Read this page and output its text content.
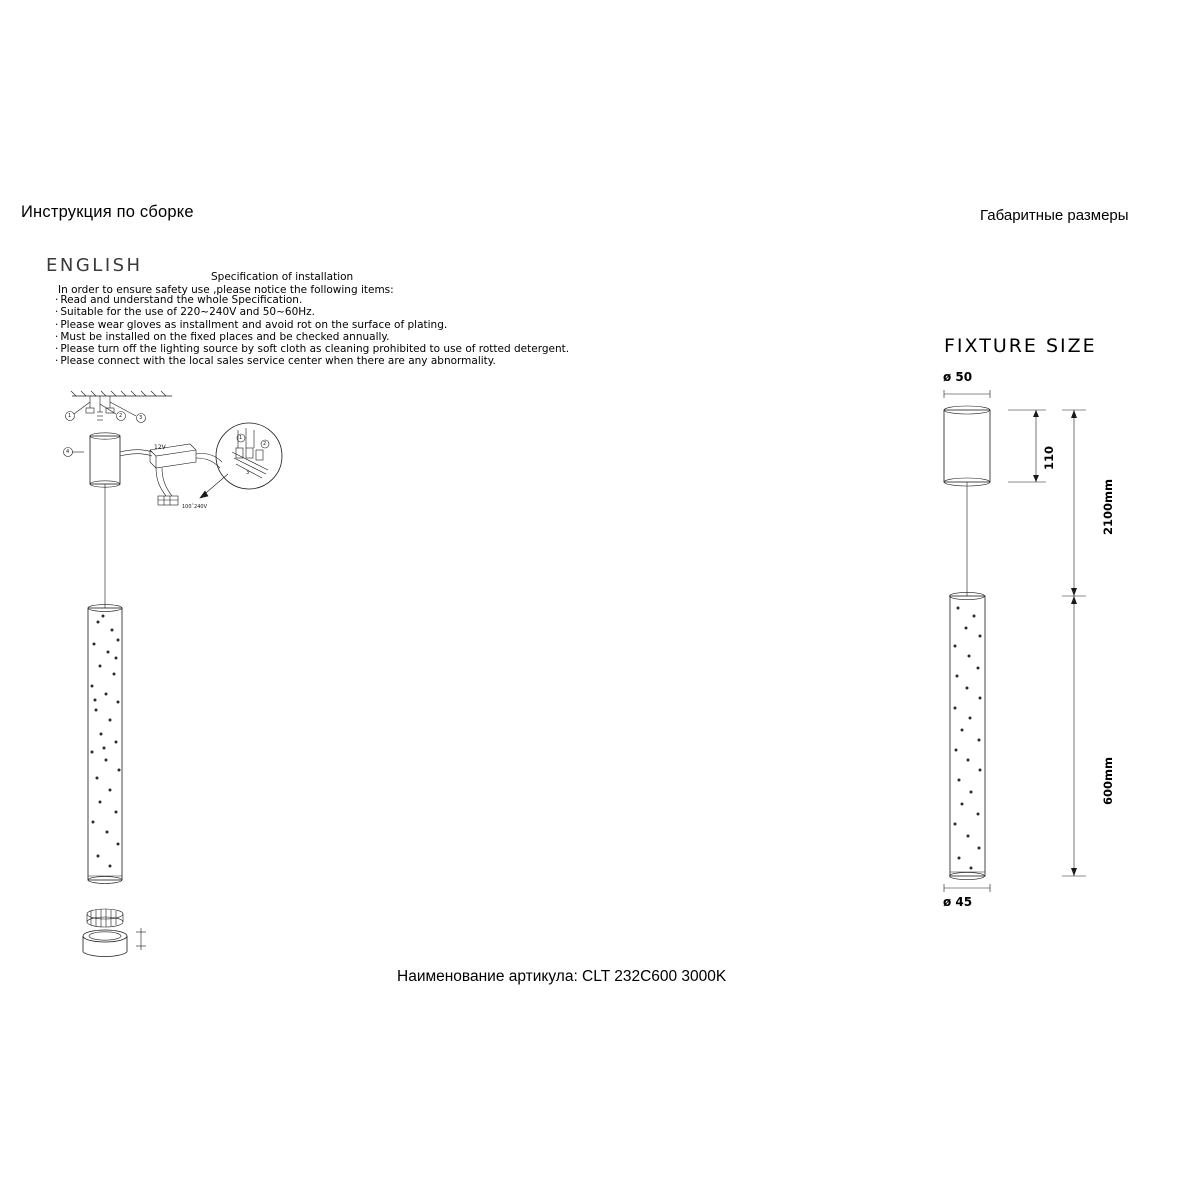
Инструкция по сборке	Габаритные размеры
ENGLISH
Specification of installation
In order to ensure safety use ,please notice the following items:
· Read and understand the whole Specification.
· Suitable for the use of 220~240V and 50~60Hz.
· Please wear gloves as installment and avoid rot on the surface of plating.
· Must be installed on the fixed places and be checked annually.
· Please turn off the lighting source by soft cloth as cleaning prohibited to use of rotted detergent.
· Please connect with the local sales service center when there are any abnormality.
1	2	3
4
1
2
3
12V
100˜240V
FIXTURE SIZE
ø 50
ø 45
110
2100mm
600mm
Наименование артикула: CLT 232C600 3000K
